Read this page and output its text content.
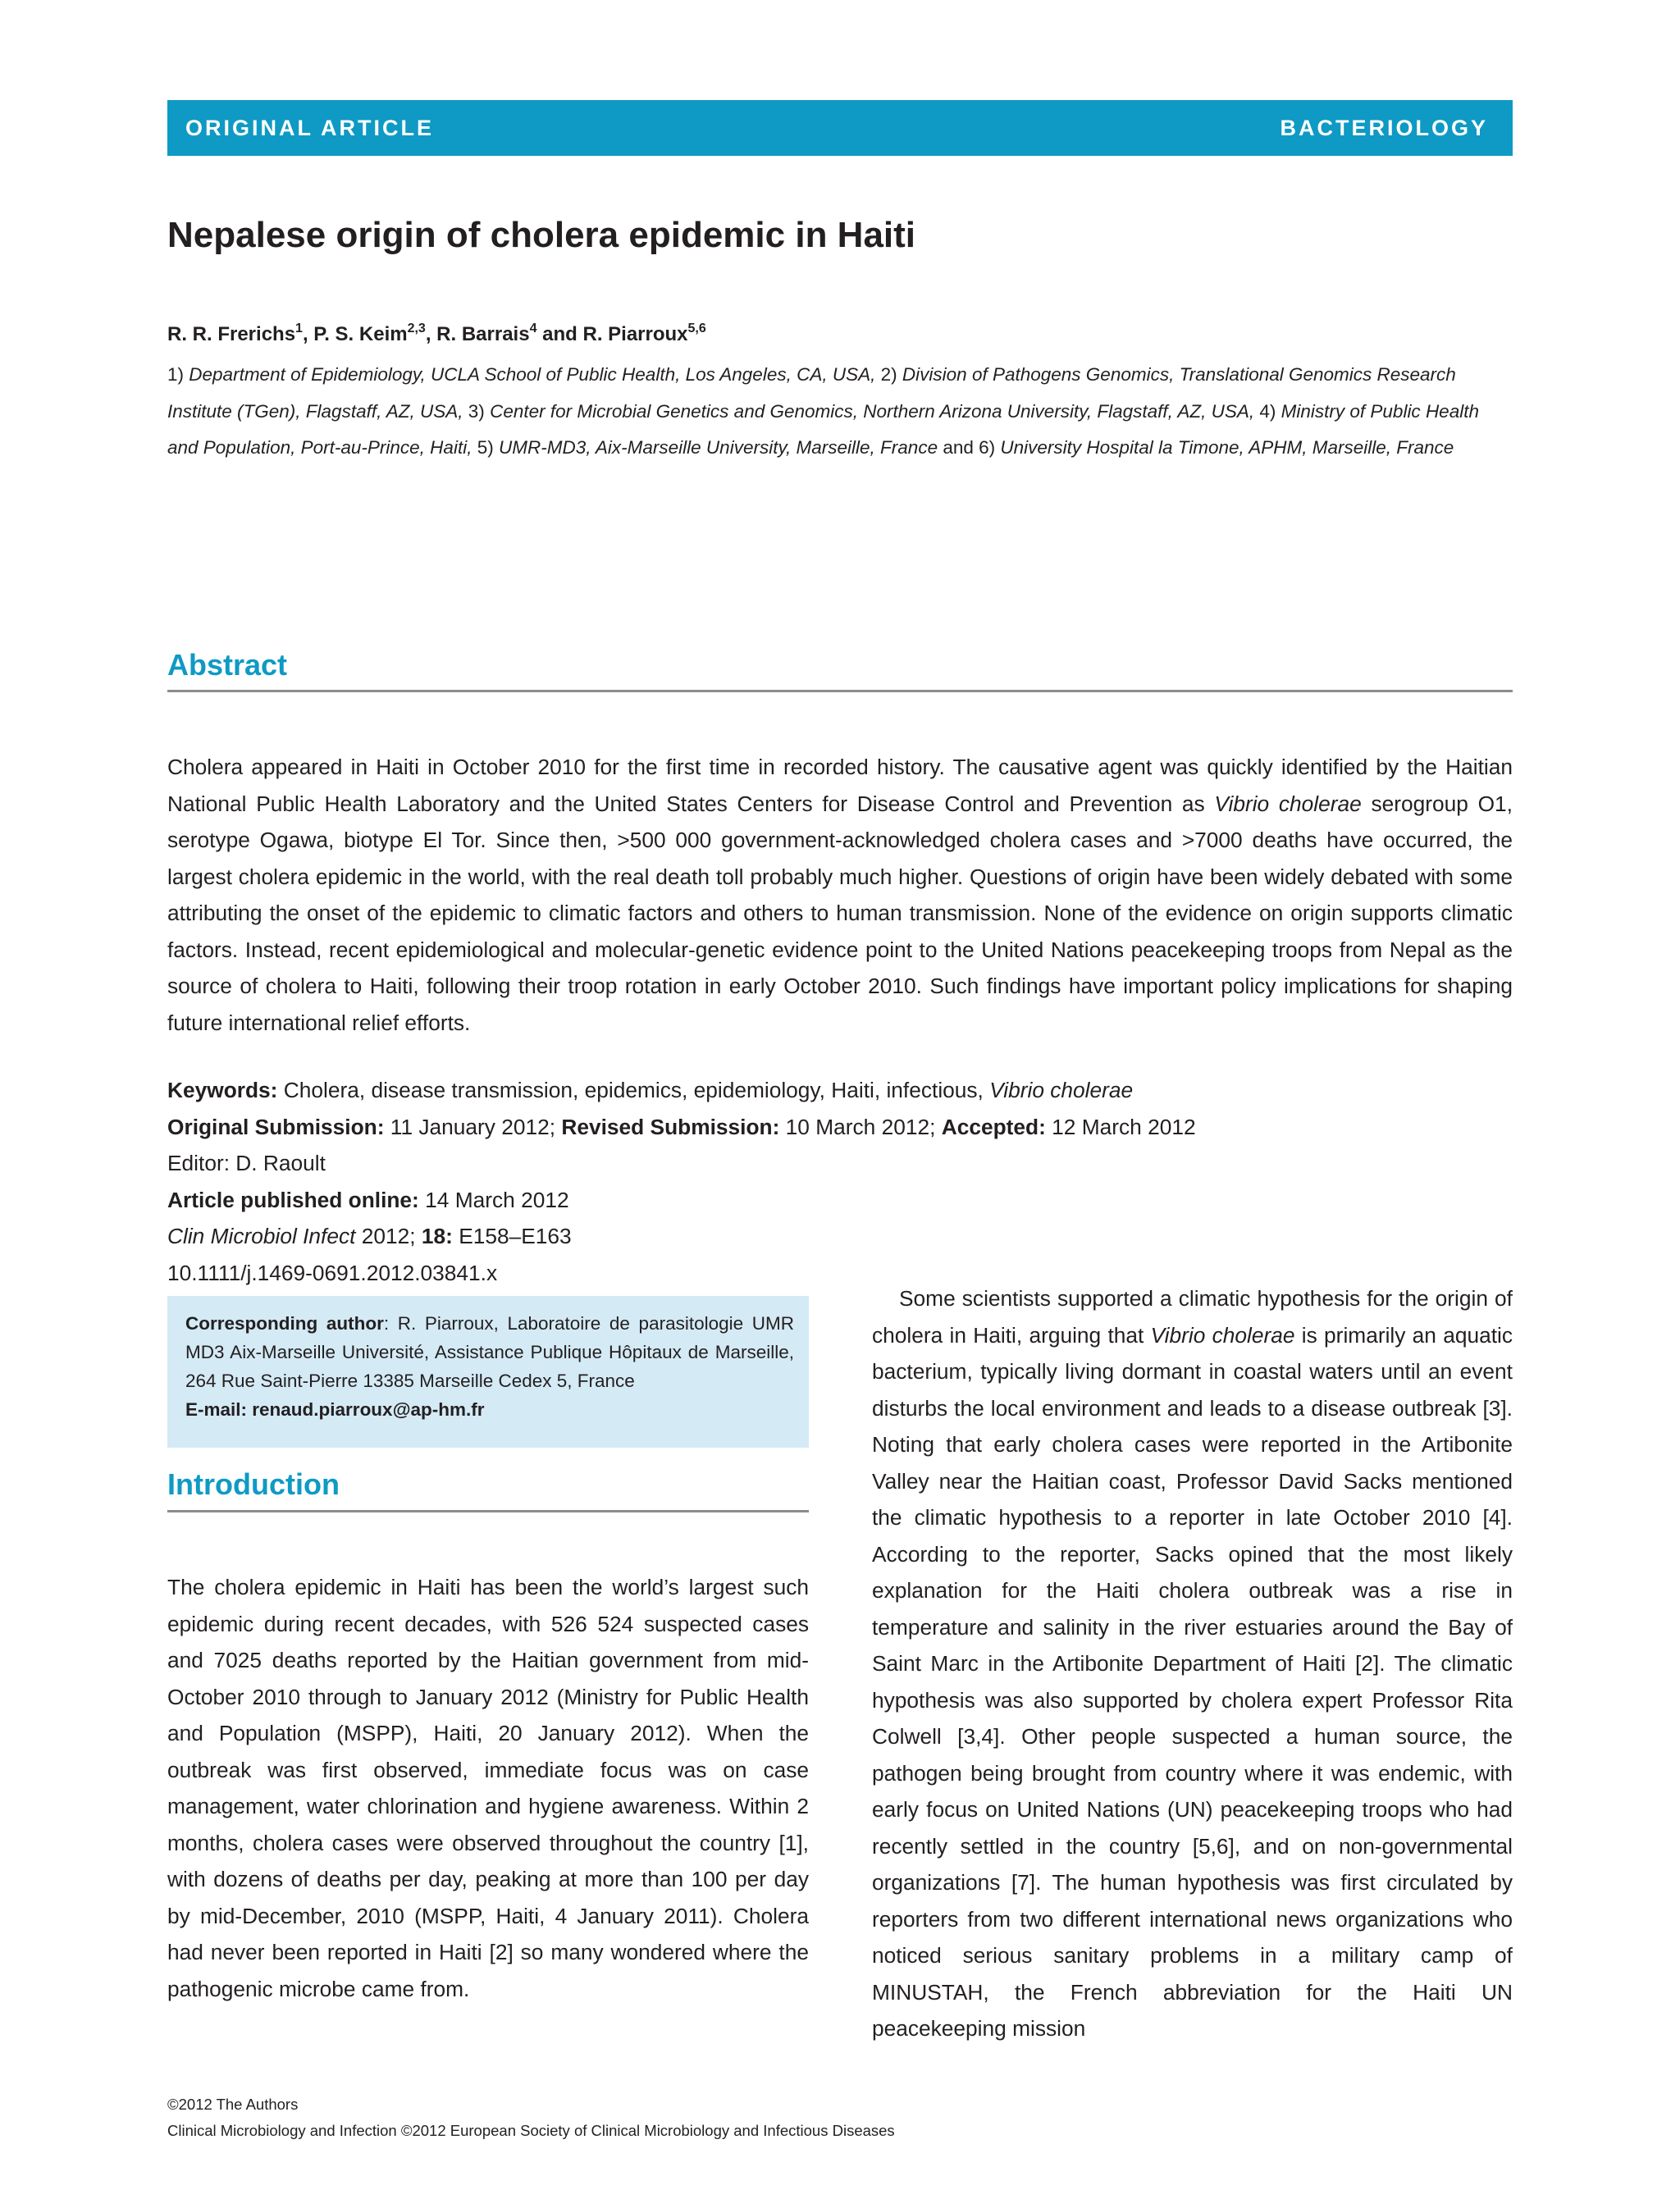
ORIGINAL ARTICLE	BACTERIOLOGY
Nepalese origin of cholera epidemic in Haiti
R. R. Frerichs$^1$, P. S. Keim$^{2,3}$, R. Barrais$^4$ and R. Piarroux$^{5,6}$
1) Department of Epidemiology, UCLA School of Public Health, Los Angeles, CA, USA, 2) Division of Pathogens Genomics, Translational Genomics Research Institute (TGen), Flagstaff, AZ, USA, 3) Center for Microbial Genetics and Genomics, Northern Arizona University, Flagstaff, AZ, USA, 4) Ministry of Public Health and Population, Port-au-Prince, Haiti, 5) UMR-MD3, Aix-Marseille University, Marseille, France and 6) University Hospital la Timone, APHM, Marseille, France
Abstract

Cholera appeared in Haiti in October 2010 for the first time in recorded history. The causative agent was quickly identified by the Haitian National Public Health Laboratory and the United States Centers for Disease Control and Prevention as Vibrio cholerae serogroup O1, serotype Ogawa, biotype El Tor. Since then, >500 000 government-acknowledged cholera cases and >7000 deaths have occurred, the largest cholera epidemic in the world, with the real death toll probably much higher. Questions of origin have been widely debated with some attributing the onset of the epidemic to climatic factors and others to human transmission. None of the evidence on origin supports climatic factors. Instead, recent epidemiological and molecular-genetic evidence point to the United Nations peacekeeping troops from Nepal as the source of cholera to Haiti, following their troop rotation in early October 2010. Such findings have important policy implications for shaping future international relief efforts.

Keywords: Cholera, disease transmission, epidemics, epidemiology, Haiti, infectious, Vibrio cholerae
Original Submission: 11 January 2012; Revised Submission: 10 March 2012; Accepted: 12 March 2012
Editor: D. Raoult
Article published online: 14 March 2012
Clin Microbiol Infect 2012; 18: E158–E163
10.1111/j.1469-0691.2012.03841.x
Corresponding author: R. Piarroux, Laboratoire de parasitologie UMR MD3 Aix-Marseille Université, Assistance Publique Hôpitaux de Marseille, 264 Rue Saint-Pierre 13385 Marseille Cedex 5, France
E-mail: renaud.piarroux@ap-hm.fr
Introduction

The cholera epidemic in Haiti has been the world’s largest such epidemic during recent decades, with 526 524 suspected cases and 7025 deaths reported by the Haitian government from mid-October 2010 through to January 2012 (Ministry for Public Health and Population (MSPP), Haiti, 20 January 2012). When the outbreak was first observed, immediate focus was on case management, water chlorination and hygiene awareness. Within 2 months, cholera cases were observed throughout the country [1], with dozens of deaths per day, peaking at more than 100 per day by mid-December, 2010 (MSPP, Haiti, 4 January 2011). Cholera had never been reported in Haiti [2] so many wondered where the pathogenic microbe came from.

Some scientists supported a climatic hypothesis for the origin of cholera in Haiti, arguing that Vibrio cholerae is primarily an aquatic bacterium, typically living dormant in coastal waters until an event disturbs the local environment and leads to a disease outbreak [3]. Noting that early cholera cases were reported in the Artibonite Valley near the Haitian coast, Professor David Sacks mentioned the climatic hypothesis to a reporter in late October 2010 [4]. According to the reporter, Sacks opined that the most likely explanation for the Haiti cholera outbreak was a rise in temperature and salinity in the river estuaries around the Bay of Saint Marc in the Artibonite Department of Haiti [2]. The climatic hypothesis was also supported by cholera expert Professor Rita Colwell [3,4]. Other people suspected a human source, the pathogen being brought from country where it was endemic, with early focus on United Nations (UN) peacekeeping troops who had recently settled in the country [5,6], and on non-governmental organizations [7]. The human hypothesis was first circulated by reporters from two different international news organizations who noticed serious sanitary problems in a military camp of MINUSTAH, the French abbreviation for the Haiti UN peacekeeping mission

©2012 The Authors
Clinical Microbiology and Infection ©2012 European Society of Clinical Microbiology and Infectious Diseases
